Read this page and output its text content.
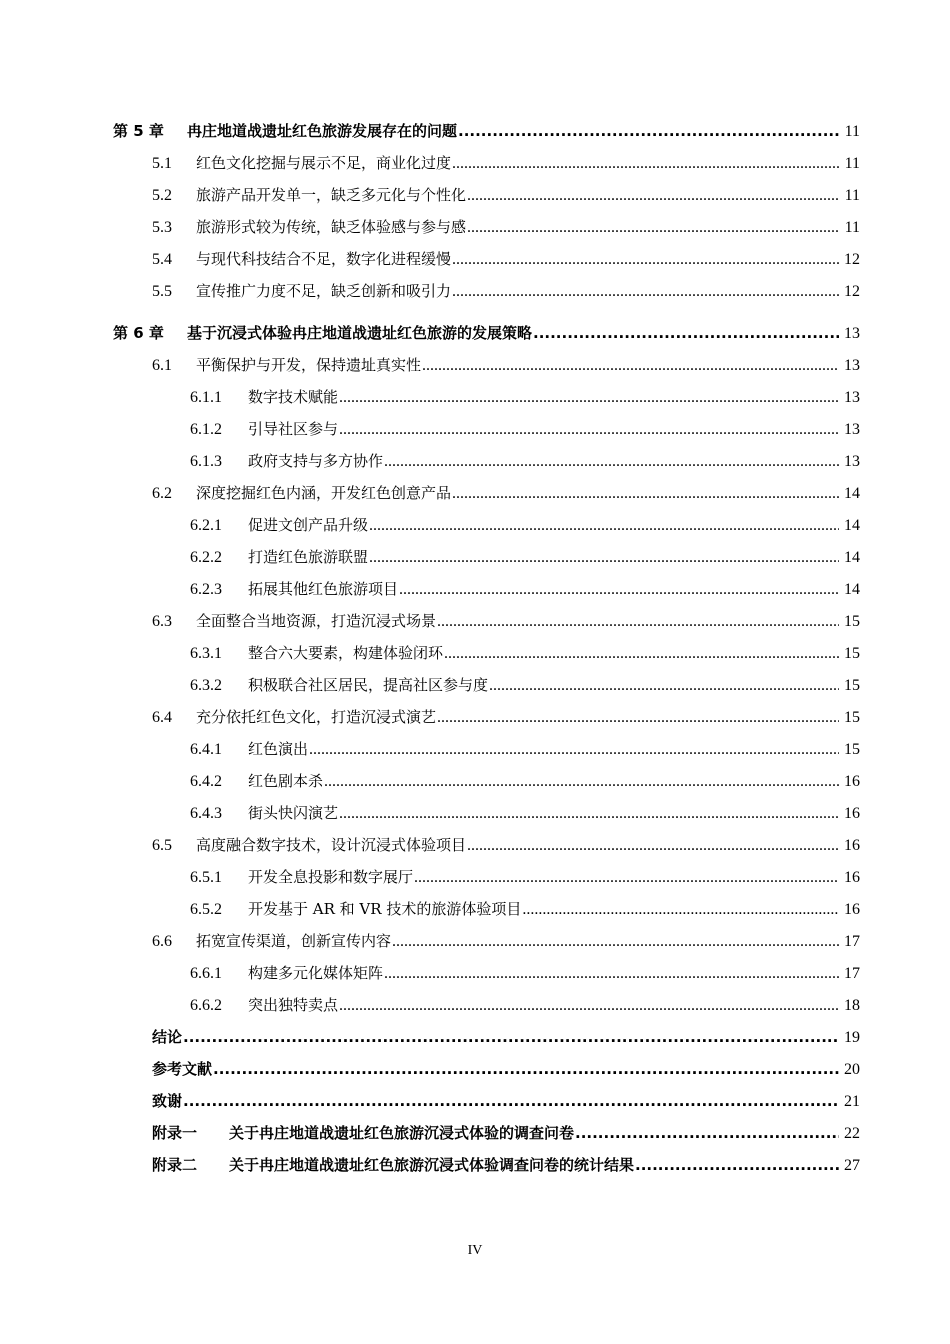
第 5 章	冉庄地道战遗址红色旅游发展存在的问题 .....	11
5.1	红色文化挖掘与展示不足，商业化过度 .....	11
5.2	旅游产品开发单一，缺乏多元化与个性化 .....	11
5.3	旅游形式较为传统，缺乏体验感与参与感 .....	11
5.4	与现代科技结合不足，数字化进程缓慢 .....	12
5.5	宣传推广力度不足，缺乏创新和吸引力 .....	12
第 6 章	基于沉浸式体验冉庄地道战遗址红色旅游的发展策略 .....	13
6.1	平衡保护与开发，保持遗址真实性 .....	13
6.1.1	数字技术赋能 .....	13
6.1.2	引导社区参与 .....	13
6.1.3	政府支持与多方协作 .....	13
6.2	深度挖掘红色内涵，开发红色创意产品 .....	14
6.2.1	促进文创产品升级 .....	14
6.2.2	打造红色旅游联盟 .....	14
6.2.3	拓展其他红色旅游项目 .....	14
6.3	全面整合当地资源，打造沉浸式场景 .....	15
6.3.1	整合六大要素，构建体验闭环 .....	15
6.3.2	积极联合社区居民，提高社区参与度 .....	15
6.4	充分依托红色文化，打造沉浸式演艺 .....	15
6.4.1	红色演出 .....	15
6.4.2	红色剧本杀 .....	16
6.4.3	街头快闪演艺 .....	16
6.5	高度融合数字技术，设计沉浸式体验项目 .....	16
6.5.1	开发全息投影和数字展厅 .....	16
6.5.2	开发基于 AR 和 VR 技术的旅游体验项目 .....	16
6.6	拓宽宣传渠道，创新宣传内容 .....	17
6.6.1	构建多元化媒体矩阵 .....	17
6.6.2	突出独特卖点 .....	18
结论 .....	19
参考文献 .....	20
致谢 .....	21
附录一	关于冉庄地道战遗址红色旅游沉浸式体验的调查问卷 .....	22
附录二	关于冉庄地道战遗址红色旅游沉浸式体验调查问卷的统计结果 .....	27
IV
